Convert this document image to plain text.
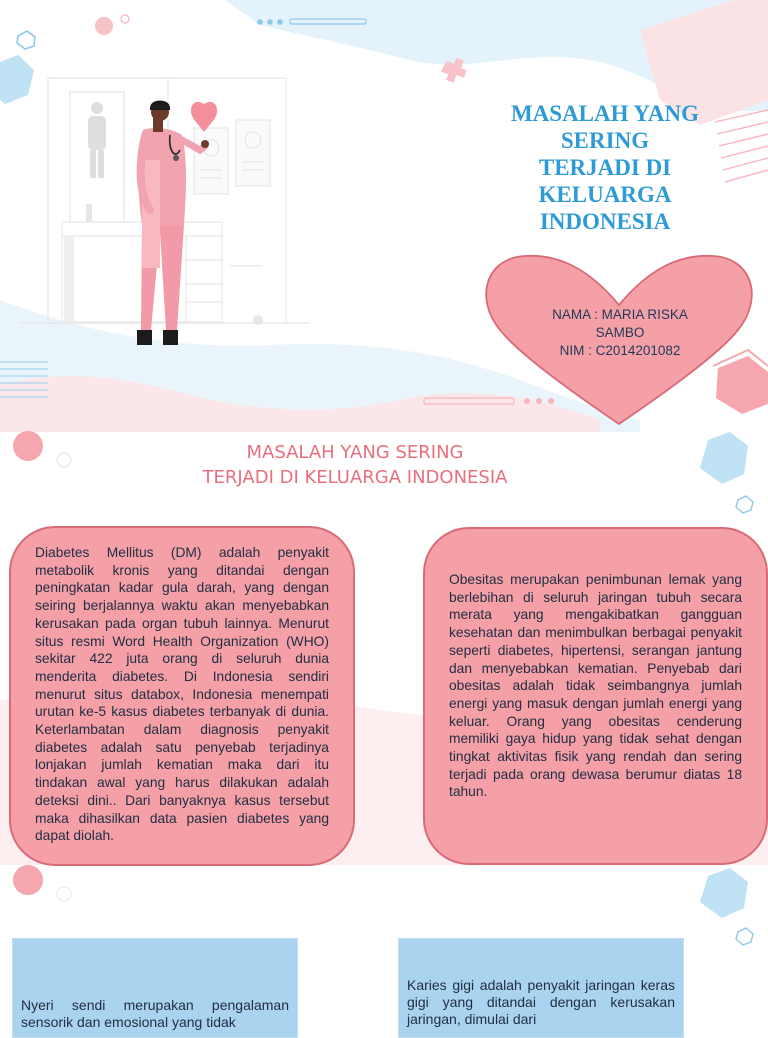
MASALAH YANG
SERING
TERJADI DI
KELUARGA
INDONESIA
NAMA : MARIA RISKA
SAMBO
NIM : C2014201082
MASALAH YANG SERING
TERJADI DI KELUARGA INDONESIA

Diabetes Mellitus (DM) adalah penyakit metabolik kronis yang ditandai dengan peningkatan kadar gula darah, yang dengan seiring berjalannya waktu akan menyebabkan kerusakan pada organ tubuh lainnya. Menurut situs resmi Word Health Organization (WHO) sekitar 422 juta orang di seluruh dunia menderita diabetes. Di Indonesia sendiri menurut situs databox, Indonesia menempati urutan ke-5 kasus diabetes terbanyak di dunia. Keterlambatan dalam diagnosis penyakit diabetes adalah satu penyebab terjadinya lonjakan jumlah kematian maka dari itu tindakan awal yang harus dilakukan adalah deteksi dini.. Dari banyaknya kasus tersebut maka dihasilkan data pasien diabetes yang dapat diolah.

Obesitas merupakan penimbunan lemak yang berlebihan di seluruh jaringan tubuh secara merata yang mengakibatkan gangguan kesehatan dan menimbulkan berbagai penyakit seperti diabetes, hipertensi, serangan jantung dan menyebabkan kematian. Penyebab dari obesitas adalah tidak seimbangnya jumlah energi yang masuk dengan jumlah energi yang keluar. Orang yang obesitas cenderung memiliki gaya hidup yang tidak sehat dengan tingkat aktivitas fisik yang rendah dan sering terjadi pada orang dewasa berumur diatas 18 tahun.

Nyeri sendi merupakan pengalaman sensorik dan emosional yang tidak

Karies gigi adalah penyakit jaringan keras gigi yang ditandai dengan kerusakan jaringan, dimulai dari
